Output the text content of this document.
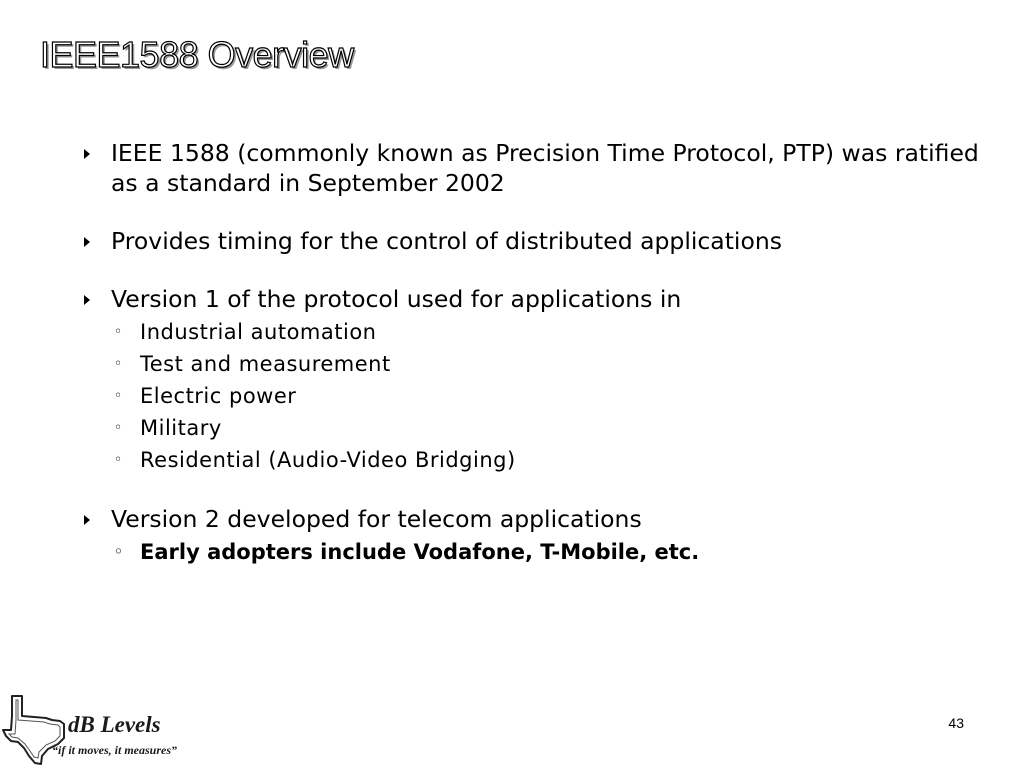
IEEE1588 Overview
IEEE 1588 (commonly known as Precision Time Protocol, PTP) was ratified as a standard in September 2002
Provides timing for the control of distributed applications
Version 1 of the protocol used for applications in
◦ Industrial automation
◦ Test and measurement
◦ Electric power
◦ Military
◦ Residential (Audio-Video Bridging)
Version 2 developed for telecom applications
◦ Early adopters include Vodafone, T-Mobile, etc.
dB Levels
“if it moves, it measures”
43
